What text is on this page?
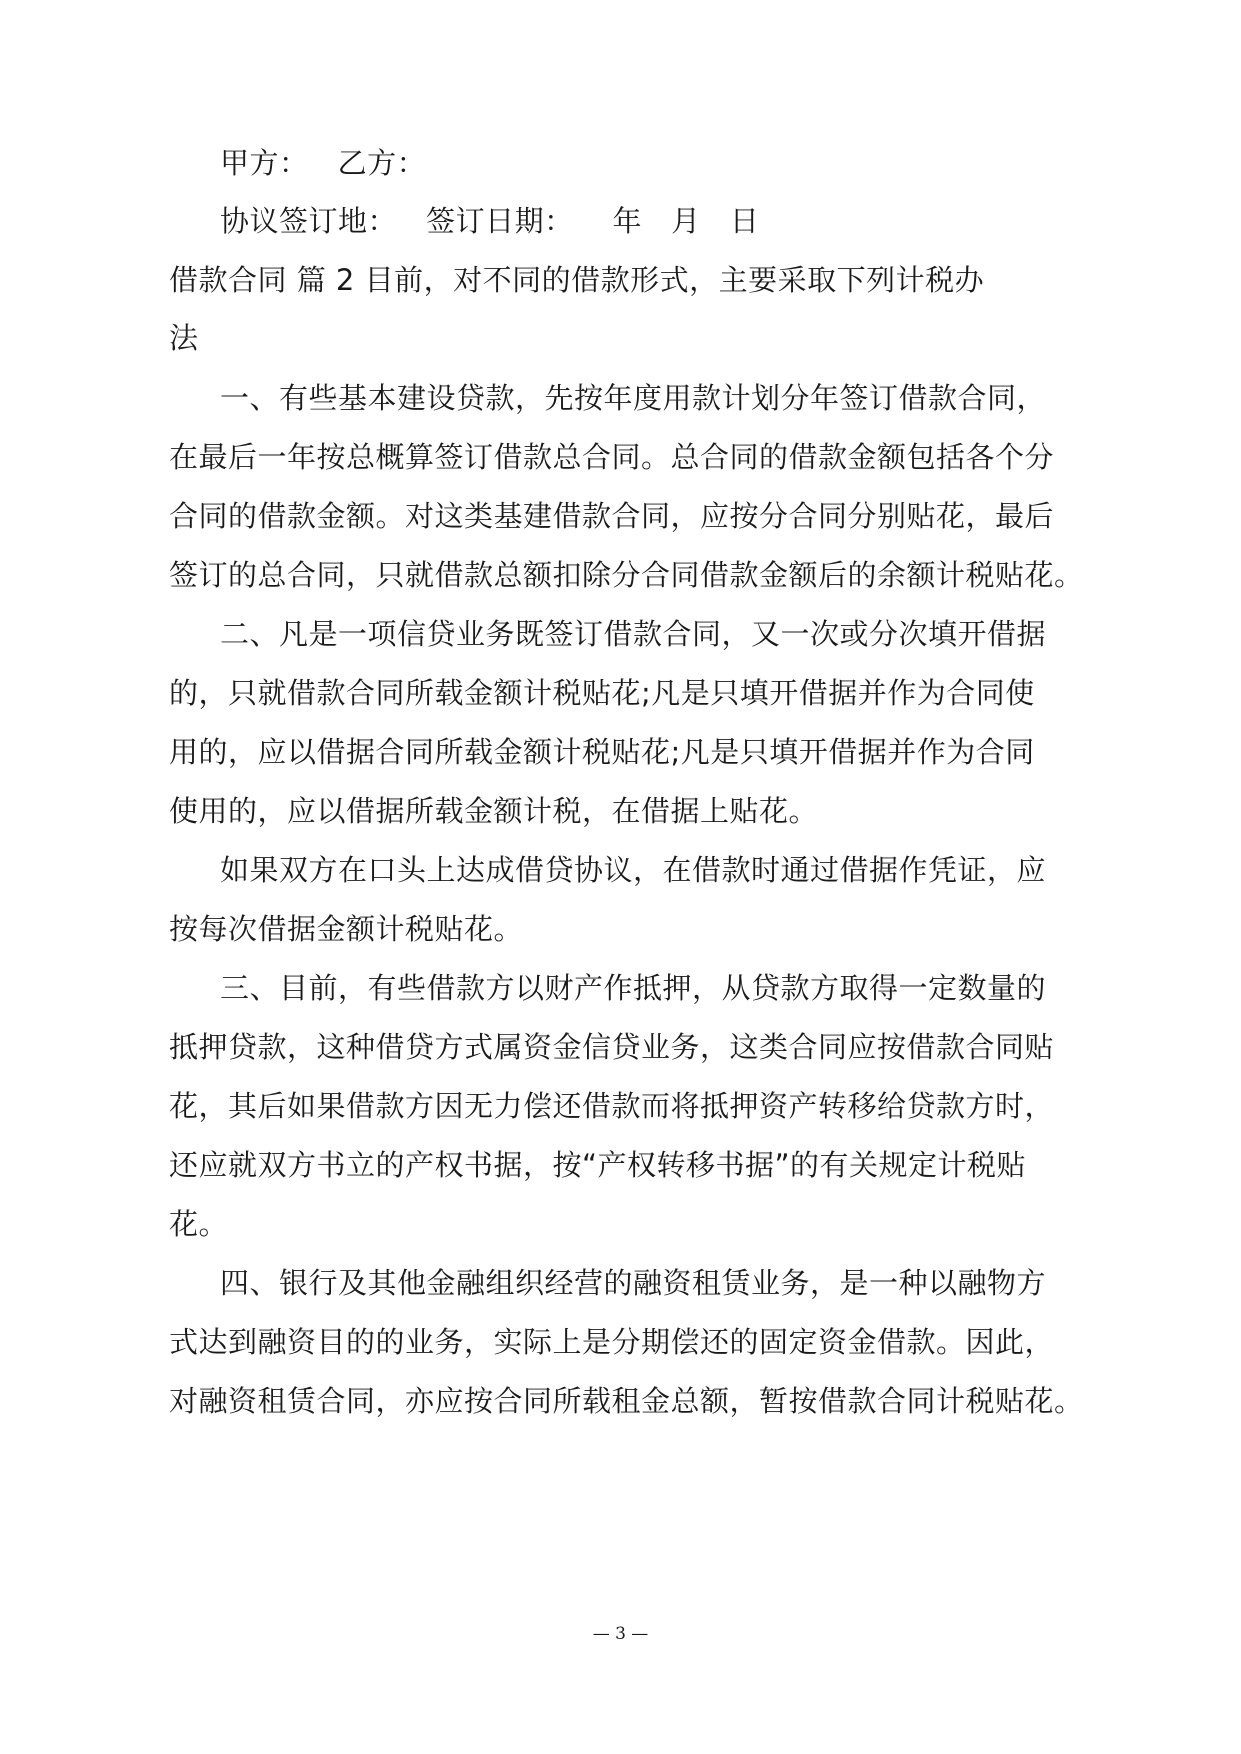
甲方：   乙方：
协议签订地：   签订日期：    年   月   日
借款合同 篇 2 目前，对不同的借款形式，主要采取下列计税办
法
一、有些基本建设贷款，先按年度用款计划分年签订借款合同，
在最后一年按总概算签订借款总合同。总合同的借款金额包括各个分
合同的借款金额。对这类基建借款合同，应按分合同分别贴花，最后
签订的总合同，只就借款总额扣除分合同借款金额后的余额计税贴花。
二、凡是一项信贷业务既签订借款合同，又一次或分次填开借据
的，只就借款合同所载金额计税贴花;凡是只填开借据并作为合同使
用的，应以借据合同所载金额计税贴花;凡是只填开借据并作为合同
使用的，应以借据所载金额计税，在借据上贴花。
如果双方在口头上达成借贷协议，在借款时通过借据作凭证，应
按每次借据金额计税贴花。
三、目前，有些借款方以财产作抵押，从贷款方取得一定数量的
抵押贷款，这种借贷方式属资金信贷业务，这类合同应按借款合同贴
花，其后如果借款方因无力偿还借款而将抵押资产转移给贷款方时，
还应就双方书立的产权书据，按“产权转移书据”的有关规定计税贴
花。
四、银行及其他金融组织经营的融资租赁业务，是一种以融物方
式达到融资目的的业务，实际上是分期偿还的固定资金借款。因此，
对融资租赁合同，亦应按合同所载租金总额，暂按借款合同计税贴花。
— 3 —
